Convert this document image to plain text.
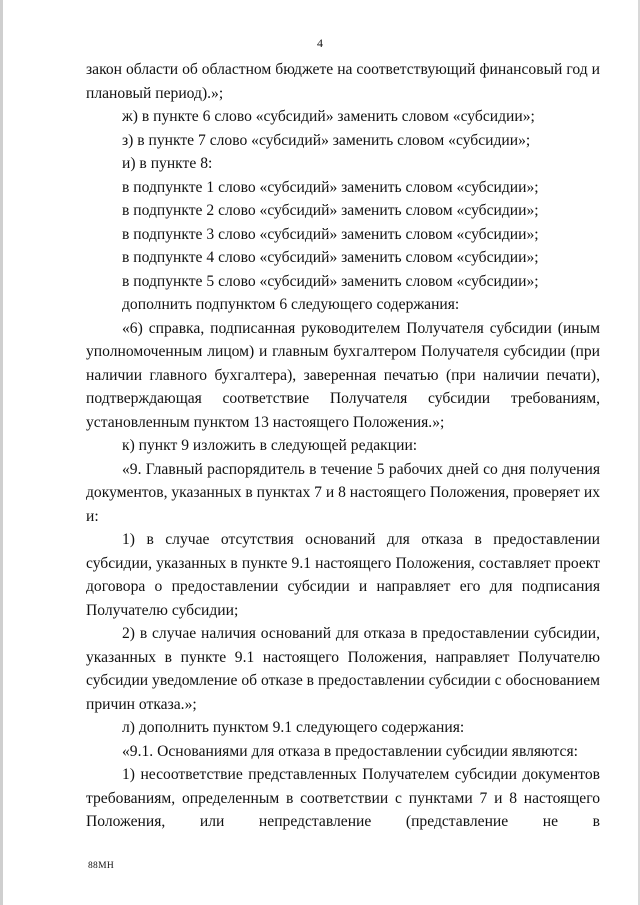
4

закон области об областном бюджете на соответствующий финансовый год и плановый период).»;

ж) в пункте 6 слово «субсидий» заменить словом «субсидии»;

з) в пункте 7 слово «субсидий» заменить словом «субсидии»;

и) в пункте 8:

в подпункте 1 слово «субсидий» заменить словом «субсидии»;

в подпункте 2 слово «субсидий» заменить словом «субсидии»;

в подпункте 3 слово «субсидий» заменить словом «субсидии»;

в подпункте 4 слово «субсидий» заменить словом «субсидии»;

в подпункте 5 слово «субсидий» заменить словом «субсидии»;

дополнить подпунктом 6 следующего содержания:

«6) справка, подписанная руководителем Получателя субсидии (иным уполномоченным лицом) и главным бухгалтером Получателя субсидии (при наличии главного бухгалтера), заверенная печатью (при наличии печати), подтверждающая соответствие Получателя субсидии требованиям, установленным пунктом 13 настоящего Положения.»;

к) пункт 9 изложить в следующей редакции:

«9. Главный распорядитель в течение 5 рабочих дней со дня получения документов, указанных в пунктах 7 и 8 настоящего Положения, проверяет их и:

1) в случае отсутствия оснований для отказа в предоставлении субсидии, указанных в пункте 9.1 настоящего Положения, составляет проект договора о предоставлении субсидии и направляет его для подписания Получателю субсидии;

2) в случае наличия оснований для отказа в предоставлении субсидии, указанных в пункте 9.1 настоящего Положения, направляет Получателю субсидии уведомление об отказе в предоставлении субсидии с обоснованием причин отказа.»;

л) дополнить пунктом 9.1 следующего содержания:

«9.1. Основаниями для отказа в предоставлении субсидии являются:

1) несоответствие представленных Получателем субсидии документов требованиям, определенным в соответствии с пунктами 7 и 8 настоящего Положения, или непредставление (представление не в

88МН
